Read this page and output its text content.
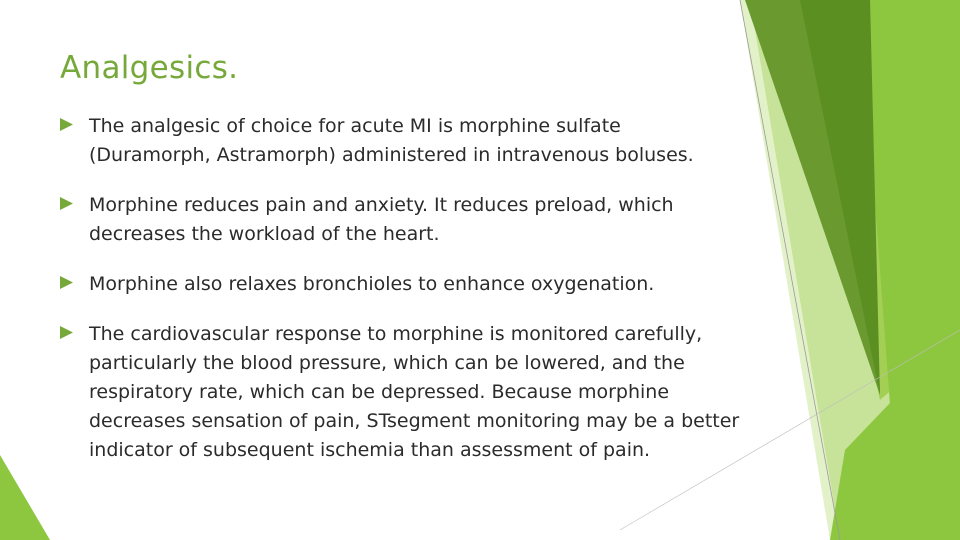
Analgesics.
The analgesic of choice for acute MI is morphine sulfate (Duramorph, Astramorph) administered in intravenous boluses.
Morphine reduces pain and anxiety. It reduces preload, which decreases the workload of the heart.
Morphine also relaxes bronchioles to enhance oxygenation.
The cardiovascular response to morphine is monitored carefully, particularly the blood pressure, which can be lowered, and the respiratory rate, which can be depressed. Because morphine decreases sensation of pain, STsegment monitoring may be a better indicator of subsequent ischemia than assessment of pain.
